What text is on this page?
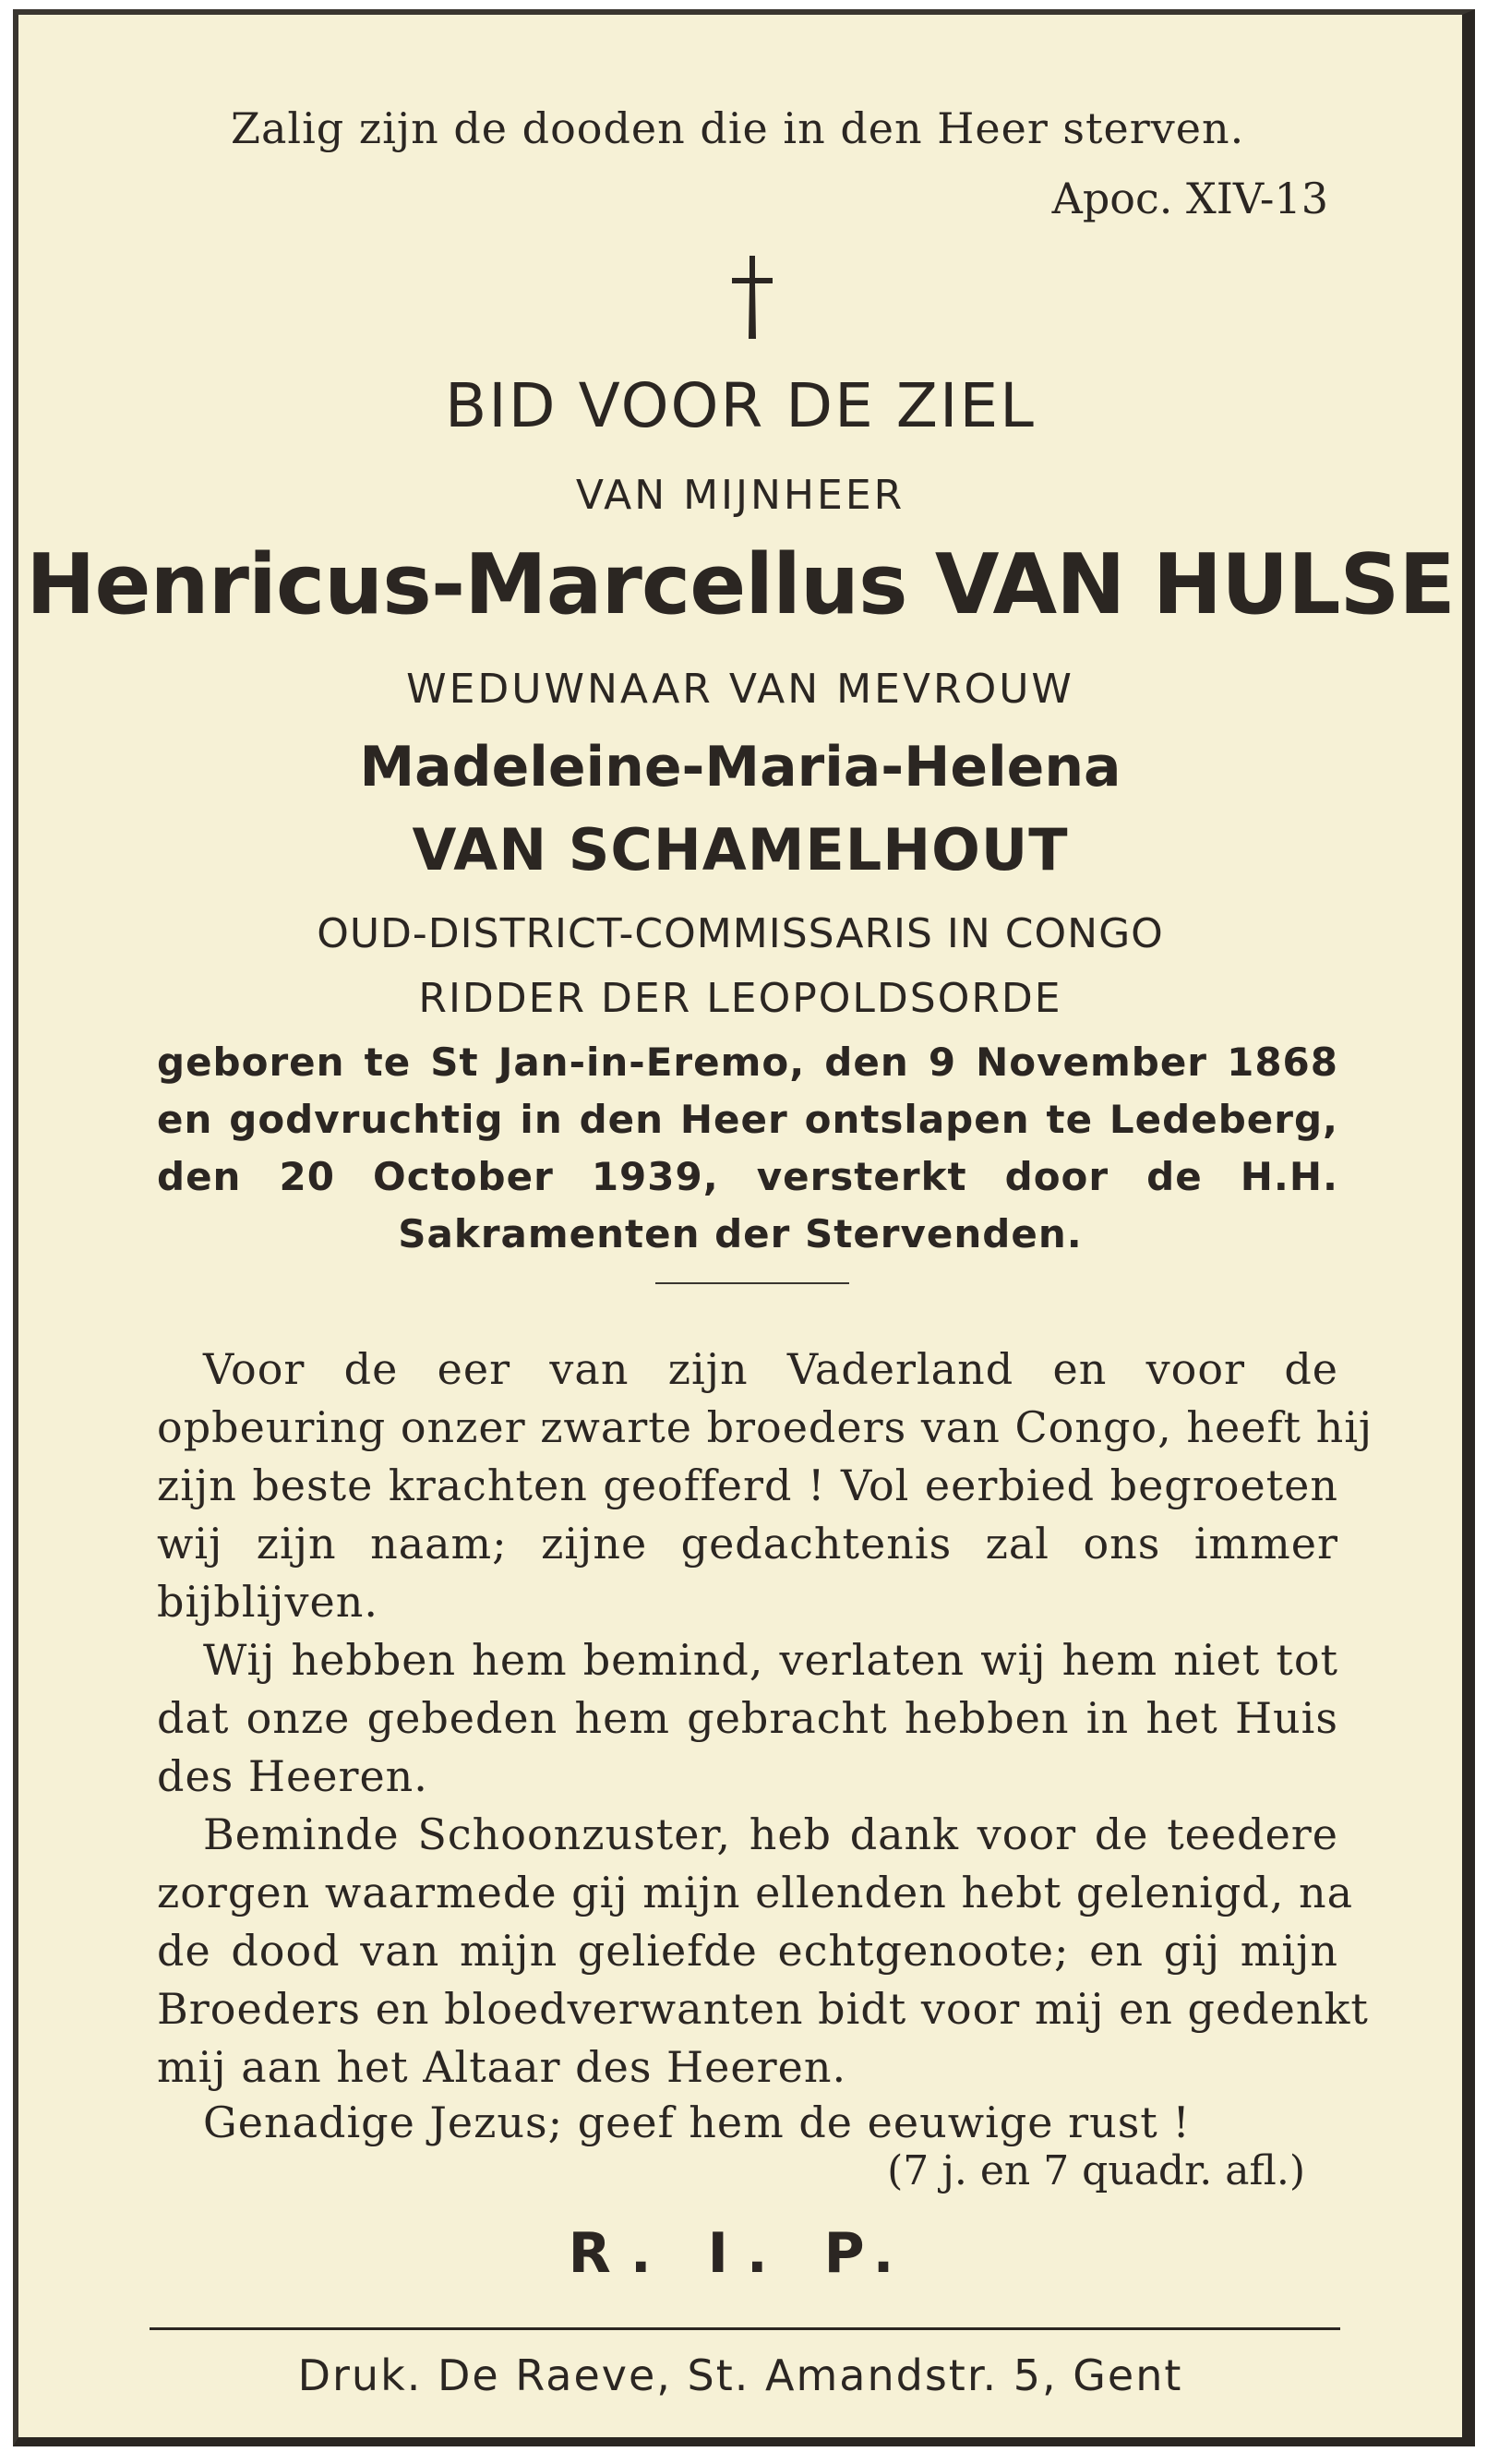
Zalig zijn de dooden die in den Heer sterven.
Apoc. XIV-13
BID VOOR DE ZIEL
VAN MIJNHEER
Henricus-Marcellus VAN HULSE
WEDUWNAAR VAN MEVROUW
Madeleine-Maria-Helena
VAN SCHAMELHOUT
OUD-DISTRICT-COMMISSARIS IN CONGO
RIDDER DER LEOPOLDSORDE

geboren te St Jan-in-Eremo, den 9 November 1868

en godvruchtig in den Heer ontslapen te Ledeberg,

den 20 October 1939, versterkt door de H.H.

Sakramenten der Stervenden.

Voor de eer van zijn Vaderland en voor de

opbeuring onzer zwarte broeders van Congo, heeft hij

zijn beste krachten geofferd ! Vol eerbied begroeten

wij zijn naam; zijne gedachtenis zal ons immer

bijblijven.

Wij hebben hem bemind, verlaten wij hem niet tot

dat onze gebeden hem gebracht hebben in het Huis

des Heeren.

Beminde Schoonzuster, heb dank voor de teedere

zorgen waarmede gij mijn ellenden hebt gelenigd, na

de dood van mijn geliefde echtgenoote; en gij mijn

Broeders en bloedverwanten bidt voor mij en gedenkt

mij aan het Altaar des Heeren.
Genadige Jezus; geef hem de eeuwige rust !
(7 j. en 7 quadr. afl.)
R. I. P.
Druk. De Raeve, St. Amandstr. 5, Gent
